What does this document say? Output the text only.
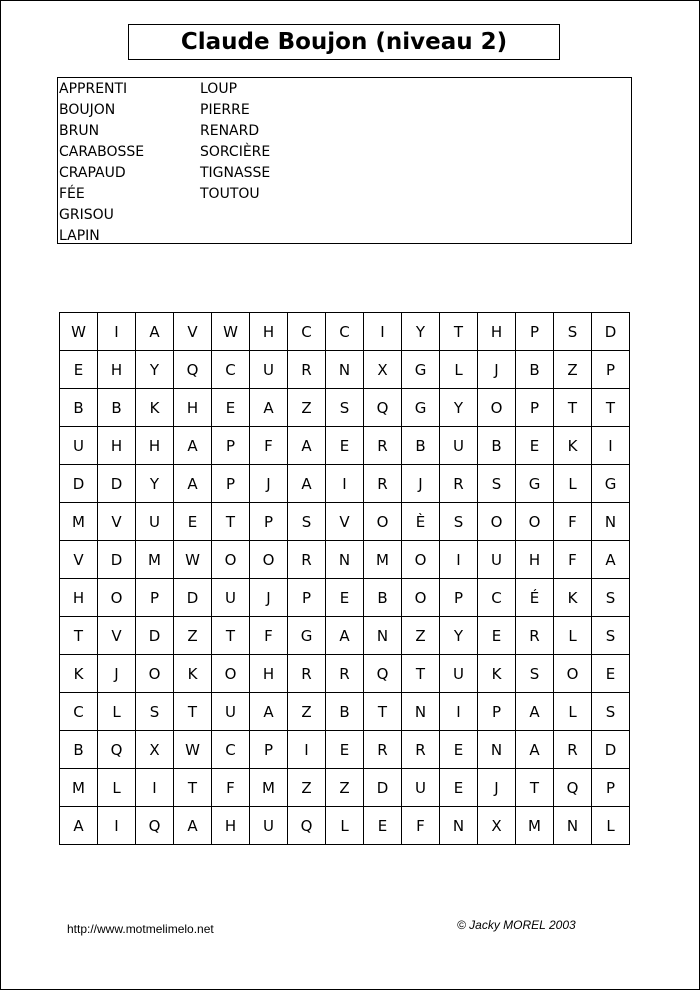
Claude Boujon (niveau 2)
APPRENTI
BOUJON
BRUN
CARABOSSE
CRAPAUD
FÉE
GRISOU
LAPIN
LOUP
PIERRE
RENARD
SORCIÈRE
TIGNASSE
TOUTOU
W	I	A	V	W	H	C	C	I	Y	T	H	P	S	D
E	H	Y	Q	C	U	R	N	X	G	L	J	B	Z	P
B	B	K	H	E	A	Z	S	Q	G	Y	O	P	T	T
U	H	H	A	P	F	A	E	R	B	U	B	E	K	I
D	D	Y	A	P	J	A	I	R	J	R	S	G	L	G
M	V	U	E	T	P	S	V	O	È	S	O	O	F	N
V	D	M	W	O	O	R	N	M	O	I	U	H	F	A
H	O	P	D	U	J	P	E	B	O	P	C	É	K	S
T	V	D	Z	T	F	G	A	N	Z	Y	E	R	L	S
K	J	O	K	O	H	R	R	Q	T	U	K	S	O	E
C	L	S	T	U	A	Z	B	T	N	I	P	A	L	S
B	Q	X	W	C	P	I	E	R	R	E	N	A	R	D
M	L	I	T	F	M	Z	Z	D	U	E	J	T	Q	P
A	I	Q	A	H	U	Q	L	E	F	N	X	M	N	L
http://www.motmelimelo.net	© Jacky MOREL 2003
